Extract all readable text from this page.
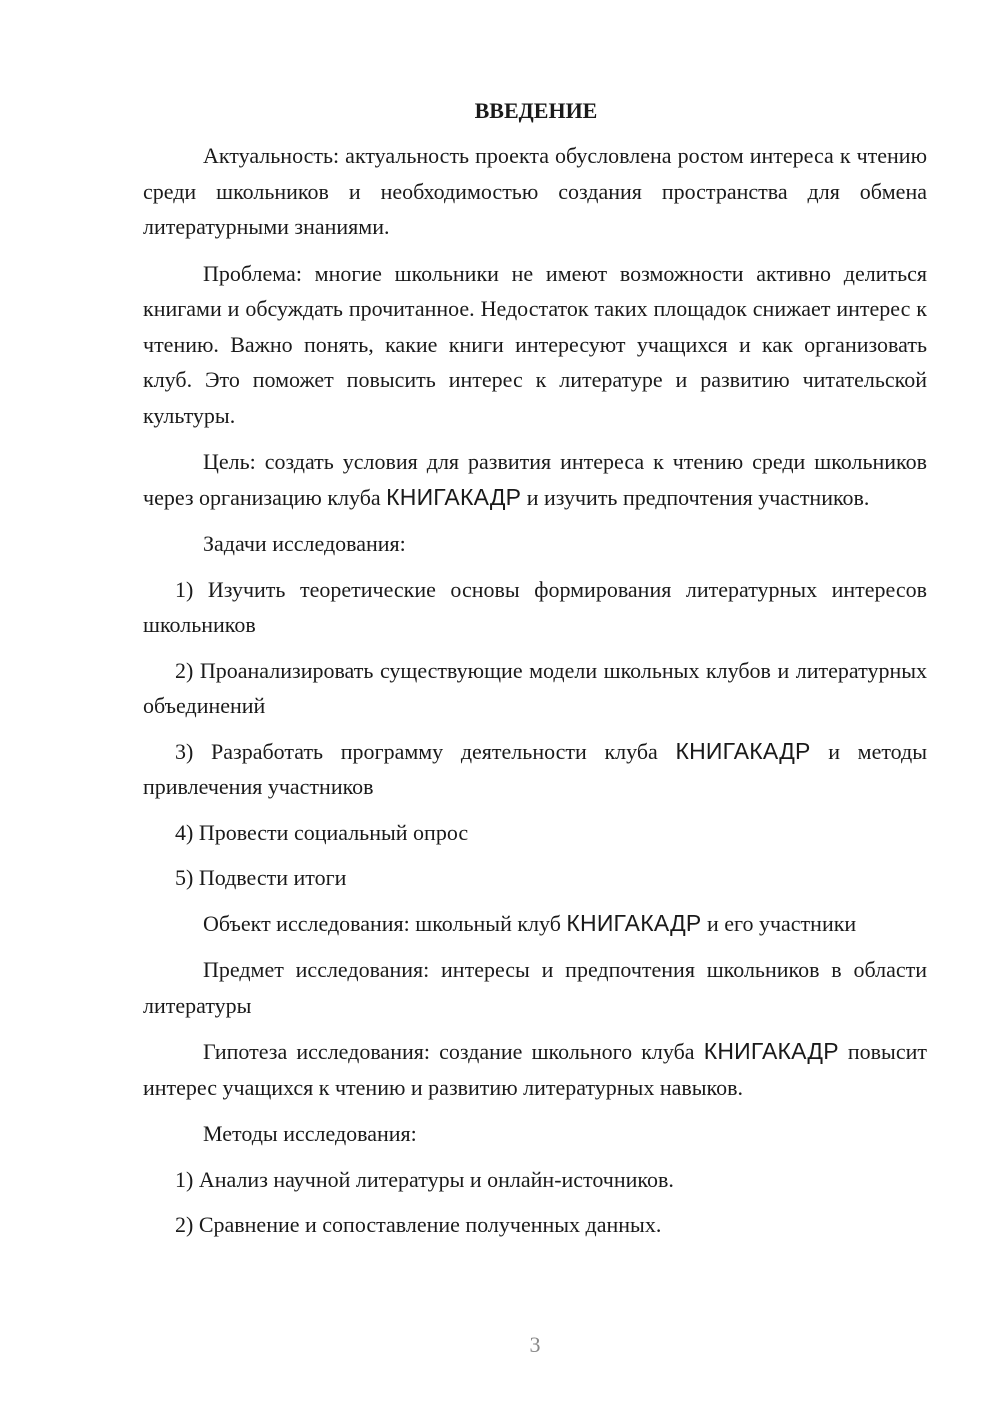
ВВЕДЕНИЕ

Актуальность: актуальность проекта обусловлена ростом интереса к чтению среди школьников и необходимостью создания пространства для обмена литературными знаниями.

Проблема: многие школьники не имеют возможности активно делиться книгами и обсуждать прочитанное. Недостаток таких площадок снижает интерес к чтению. Важно понять, какие книги интересуют учащихся и как организовать клуб. Это поможет повысить интерес к литературе и развитию читательской культуры.

Цель: создать условия для развития интереса к чтению среди школьников через организацию клуба КНИГАКАДР и изучить предпочтения участников.

Задачи исследования:

1) Изучить теоретические основы формирования литературных интересов школьников

2) Проанализировать существующие модели школьных клубов и литературных объединений

3) Разработать программу деятельности клуба КНИГАКАДР и методы привлечения участников

4) Провести социальный опрос

5) Подвести итоги

Объект исследования: школьный клуб КНИГАКАДР и его участники

Предмет исследования: интересы и предпочтения школьников в области литературы

Гипотеза исследования: создание школьного клуба КНИГАКАДР повысит интерес учащихся к чтению и развитию литературных навыков.

Методы исследования:

1) Анализ научной литературы и онлайн-источников.

2) Сравнение и сопоставление полученных данных.

3
